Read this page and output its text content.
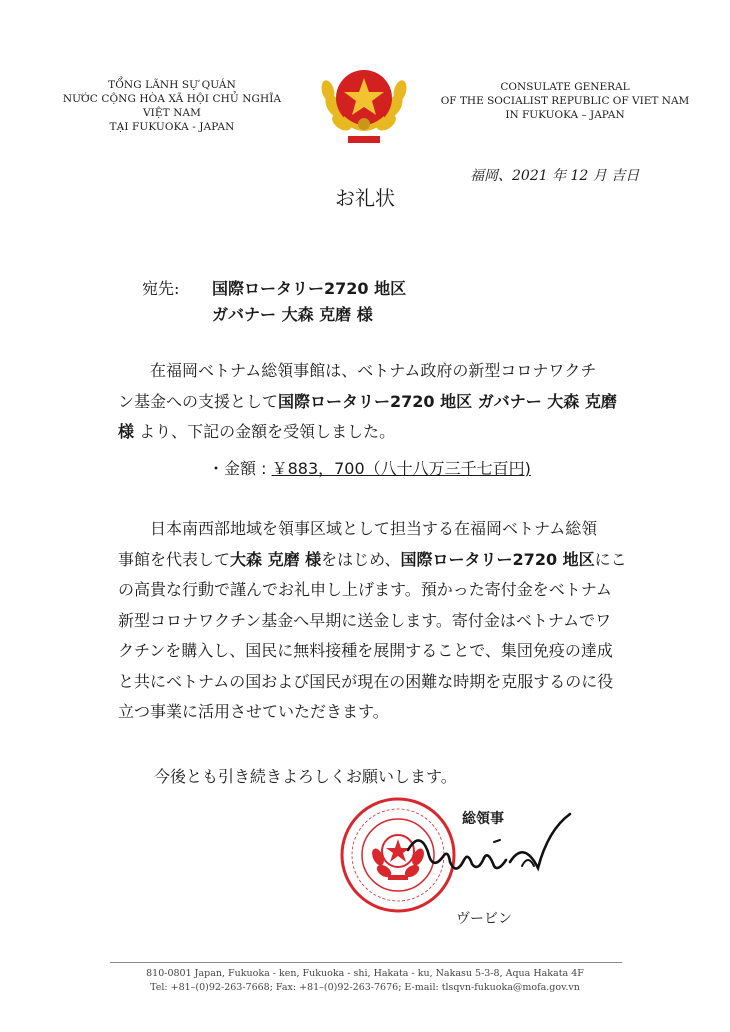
TỔNG LÃNH SỰ QUÁN
NƯỚC CỘNG HÒA XÃ HỘI CHỦ NGHĨA VIỆT NAM
TẠI FUKUOKA - JAPAN
CONSULATE GENERAL
OF THE SOCIALIST REPUBLIC OF VIET NAM
IN FUKUOKA – JAPAN
福岡、2021 年 12 月 吉日
お礼状
宛先: 国際ロータリー2720 地区
ガバナー 大森 克磨 様
在福岡ベトナム総領事館は、ベトナム政府の新型コロナワクチ
ン基金への支援として国際ロータリー2720 地区 ガバナー 大森 克磨
様 より、下記の金額を受領しました。
・金額 : ￥883，700（八十八万三千七百円)
日本南西部地域を領事区域として担当する在福岡ベトナム総領
事館を代表して大森 克磨 様をはじめ、国際ロータリー2720 地区にこ
の高貴な行動で謹んでお礼申し上げます。預かった寄付金をベトナム
新型コロナワクチン基金へ早期に送金します。寄付金はベトナムでワ
クチンを購入し、国民に無料接種を展開することで、集団免疫の達成
と共にベトナムの国および国民が現在の困難な時期を克服するのに役
立つ事業に活用させていただきます。
今後とも引き続きよろしくお願いします。
総領事
ヴービン
810-0801 Japan, Fukuoka - ken, Fukuoka - shi, Hakata - ku, Nakasu 5-3-8, Aqua Hakata 4F
Tel: +81–(0)92-263-7668; Fax: +81–(0)92-263-7676; E-mail: tlsqvn-fukuoka@mofa.gov.vn
